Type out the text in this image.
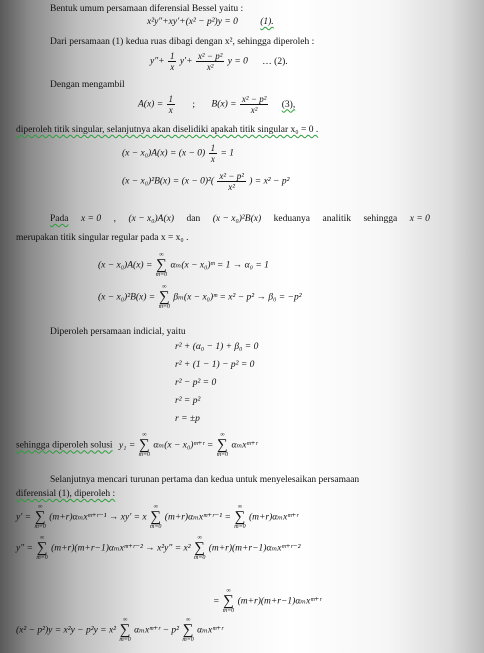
Bentuk umum persamaan diferensial Bessel yaitu :
x²y″+xy′+(x² − p²)y = 0 (1).
Dari persamaan (1) kedua ruas dibagi dengan x², sehingga diperoleh :
$y''+ \frac{1}{x} y'+ \frac{\text{x² − p²}}{\text{x²}}$ y = 0 … (2).
Dengan mengambil
$A(x) = \frac{1}{x}$ ; $B(x) = \frac{\text{x² − p²}}{\text{x²}} (3)$,
diperoleh titik singular, selanjutnya akan diselidiki apakah titik singular x₀ = 0 .
$(x - x_0)A(x) = (x - 0) \frac{1}{x} = 1$
$(x - x_0)^2B(x) = (x - 0)^2( \frac{\text{x² − p²}}{\text{x²}}$ ) = x² − p²
Pada x = 0 , (x − x₀)A(x) dan (x − x₀)²B(x) keduanya analitik sehingga x = 0
merupakan titik singular regular pada x = x₀ .
(x − x₀)A(x) =
∞
∑
m=0
αₘ(x − x₀)ᵐ = 1 → α₀ = 1
(x − x₀)²B(x) =
∞
∑
m=0
βₘ(x − x₀)ᵐ = x² − p² → β₀ = −p²
Diperoleh persamaan indicial, yaitu
r² + (α₀ − 1) + β₀ = 0
r² + (1 − 1) − p² = 0
r² − p² = 0
r² = p²
r = ±p
sehingga diperoleh solusi y₁ =
∞
∑
m=0
αₘ(x − x₀)ᵐ⁺ʳ =
∞
∑
m=0
αₘxᵐ⁺ʳ
Selanjutnya mencari turunan pertama dan kedua untuk menyelesaikan persamaan
diferensial (1), diperoleh :
y′ =
∞
∑
m=0
(m+r)αₘxᵐ⁺ʳ⁻¹ → xy′ = x
∞
∑
m=0
(m+r)αₘxᵐ⁺ʳ⁻¹ =
∞
∑
m=0
(m+r)αₘxᵐ⁺ʳ
y″ =
∞
∑
m=0
(m+r)(m+r−1)αₘxᵐ⁺ʳ⁻² → x²y″ = x²
∞
∑
m=0
(m+r)(m+r−1)αₘxᵐ⁺ʳ⁻²
=
∞
∑
m=0
(m+r)(m+r−1)αₘxᵐ⁺ʳ
(x² − p²)y = x²y − p²y = x²
∞
∑
m=0
αₘxᵐ⁺ʳ − p²
∞
∑
m=0
αₘxᵐ⁺ʳ
